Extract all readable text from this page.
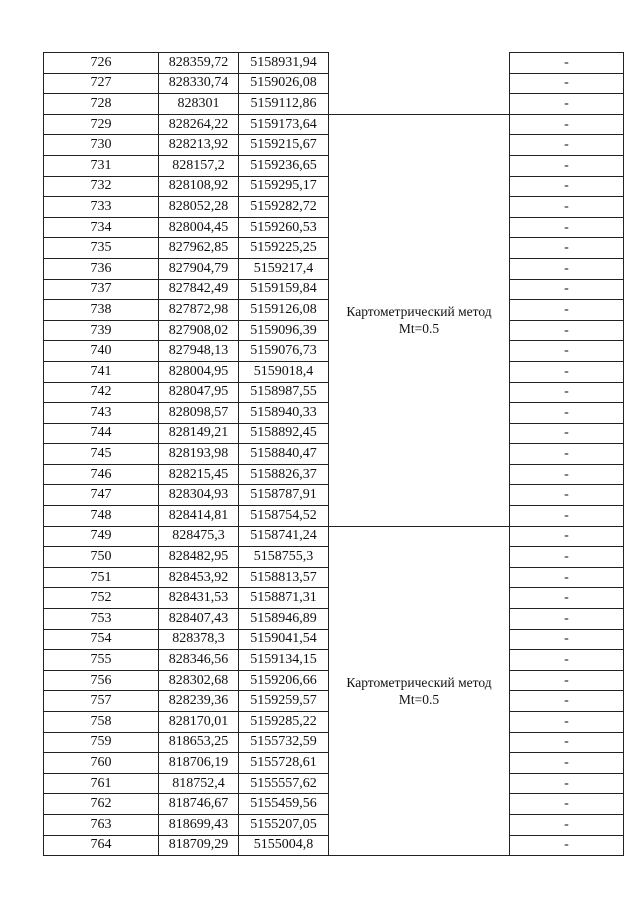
726	828359,72	5158931,94		-
727	828330,74	5159026,08		-
728	828301	5159112,86		-
729	828264,22	5159173,64	Картометрический метод
Mt=0.5	-
730	828213,92	5159215,67		-
731	828157,2	5159236,65		-
732	828108,92	5159295,17		-
733	828052,28	5159282,72		-
734	828004,45	5159260,53		-
735	827962,85	5159225,25		-
736	827904,79	5159217,4		-
737	827842,49	5159159,84		-
738	827872,98	5159126,08		-
739	827908,02	5159096,39		-
740	827948,13	5159076,73		-
741	828004,95	5159018,4		-
742	828047,95	5158987,55		-
743	828098,57	5158940,33		-
744	828149,21	5158892,45		-
745	828193,98	5158840,47		-
746	828215,45	5158826,37		-
747	828304,93	5158787,91		-
748	828414,81	5158754,52		-
749	828475,3	5158741,24	Картометрический метод
Mt=0.5	-
750	828482,95	5158755,3		-
751	828453,92	5158813,57		-
752	828431,53	5158871,31		-
753	828407,43	5158946,89		-
754	828378,3	5159041,54		-
755	828346,56	5159134,15		-
756	828302,68	5159206,66		-
757	828239,36	5159259,57		-
758	828170,01	5159285,22		-
759	818653,25	5155732,59		-
760	818706,19	5155728,61		-
761	818752,4	5155557,62		-
762	818746,67	5155459,56		-
763	818699,43	5155207,05		-
764	818709,29	5155004,8		-
